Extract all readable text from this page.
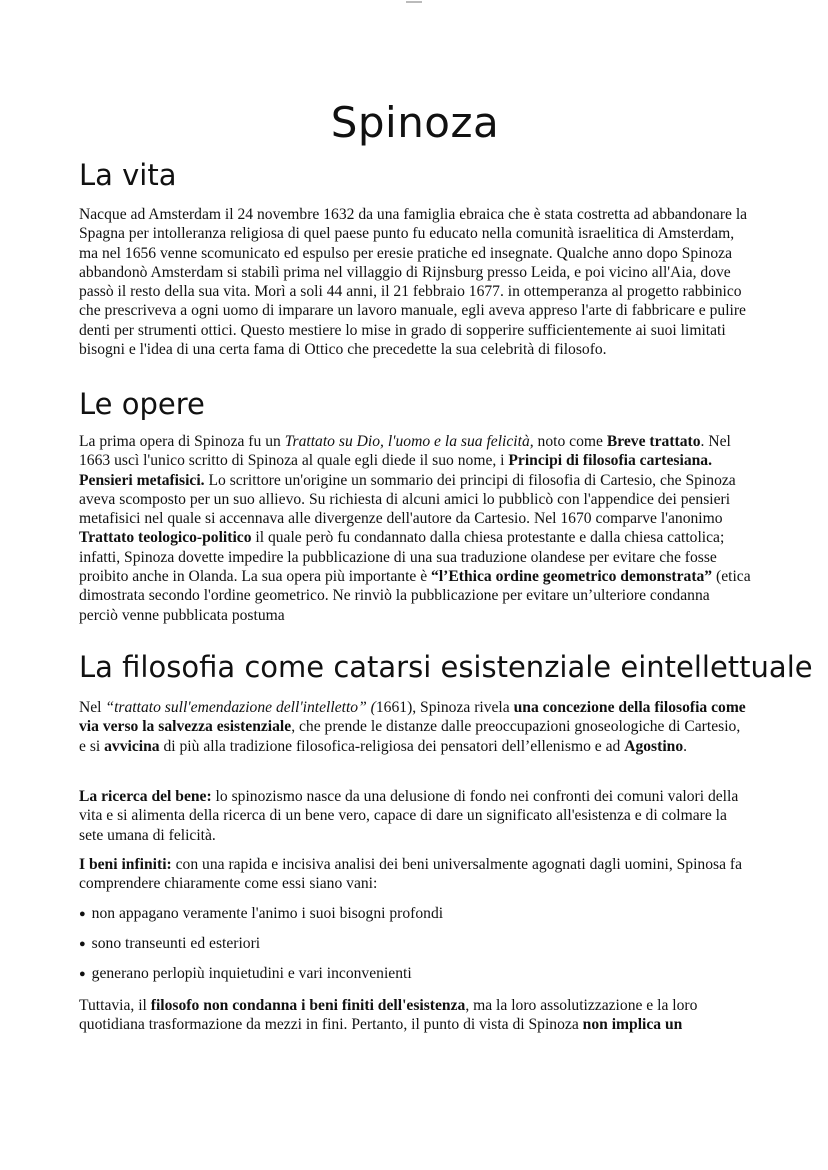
Spinoza
La vita

Nacque ad Amsterdam il 24 novembre 1632 da una famiglia ebraica che è stata costretta ad abbandonare la Spagna per intolleranza religiosa di quel paese punto fu educato nella comunità israelitica di Amsterdam, ma nel 1656 venne scomunicato ed espulso per eresie pratiche ed insegnate. Qualche anno dopo Spinoza abbandonò Amsterdam si stabilì prima nel villaggio di Rijnsburg presso Leida, e poi vicino all'Aia, dove passò il resto della sua vita. Morì a soli 44 anni, il 21 febbraio 1677. in ottemperanza al progetto rabbinico che prescriveva a ogni uomo di imparare un lavoro manuale, egli aveva appreso l'arte di fabbricare e pulire denti per strumenti ottici. Questo mestiere lo mise in grado di sopperire sufficientemente ai suoi limitati bisogni e l'idea di una certa fama di Ottico che precedette la sua celebrità di filosofo.

Le opere

La prima opera di Spinoza fu un Trattato su Dio, l'uomo e la sua felicità, noto come Breve trattato. Nel 1663 uscì l'unico scritto di Spinoza al quale egli diede il suo nome, i Principi di filosofia cartesiana. Pensieri metafisici. Lo scrittore un'origine un sommario dei principi di filosofia di Cartesio, che Spinoza aveva scomposto per un suo allievo. Su richiesta di alcuni amici lo pubblicò con l'appendice dei pensieri metafisici nel quale si accennava alle divergenze dell'autore da Cartesio. Nel 1670 comparve l'anonimo Trattato teologico-politico il quale però fu condannato dalla chiesa protestante e dalla chiesa cattolica; infatti, Spinoza dovette impedire la pubblicazione di una sua traduzione olandese per evitare che fosse proibito anche in Olanda. La sua opera più importante è “l’Ethica ordine geometrico demonstrata” (etica dimostrata secondo l'ordine geometrico. Ne rinviò la pubblicazione per evitare un’ulteriore condanna perciò venne pubblicata postuma

La filosofia come catarsi esistenziale eintellettuale

Nel “trattato sull'emendazione dell'intelletto” (1661), Spinoza rivela una concezione della filosofia come via verso la salvezza esistenziale, che prende le distanze dalle preoccupazioni gnoseologiche di Cartesio, e si avvicina di più alla tradizione filosofica-religiosa dei pensatori dell’ellenismo e ad Agostino.

La ricerca del bene: lo spinozismo nasce da una delusione di fondo nei confronti dei comuni valori della vita e si alimenta della ricerca di un bene vero, capace di dare un significato all'esistenza e di colmare la sete umana di felicità.

I beni infiniti: con una rapida e incisiva analisi dei beni universalmente agognati dagli uomini, Spinosa fa comprendere chiaramente come essi siano vani:

● non appagano veramente l'animo i suoi bisogni profondi

● sono transeunti ed esteriori

● generano perlopiù inquietudini e vari inconvenienti

Tuttavia, il filosofo non condanna i beni finiti dell'esistenza, ma la loro assolutizzazione e la loro quotidiana trasformazione da mezzi in fini. Pertanto, il punto di vista di Spinoza non implica un
